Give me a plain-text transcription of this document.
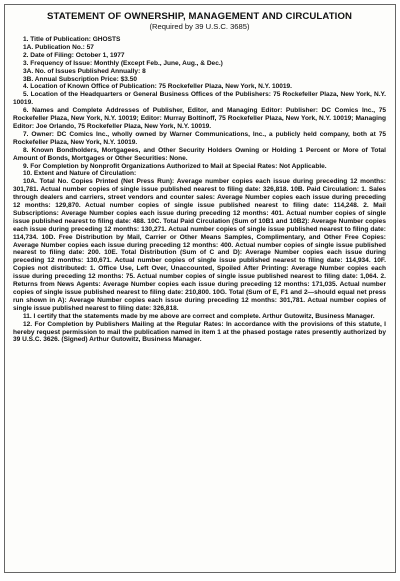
STATEMENT OF OWNERSHIP, MANAGEMENT AND CIRCULATION
(Required by 39 U.S.C. 3685)

1. Title of Publication: GHOSTS

1A. Publication No.: 57

2. Date of Filing: October 1, 1977

3. Frequency of Issue: Monthly (Except Feb., June, Aug., & Dec.)

3A. No. of Issues Published Annually: 8

3B. Annual Subscription Price: $3.50

4. Location of Known Office of Publication: 75 Rockefeller Plaza, New York, N.Y. 10019.

5. Location of the Headquarters or General Business Offices of the Publishers: 75 Rockefeller Plaza, New York, N.Y. 10019.

6. Names and Complete Addresses of Publisher, Editor, and Managing Editor: Publisher: DC Comics Inc., 75 Rockefeller Plaza, New York, N.Y. 10019; Editor: Murray Boltinoff, 75 Rockefeller Plaza, New York, N.Y. 10019; Managing Editor: Joe Orlando, 75 Rockefeller Plaza, New York, N.Y. 10019.

7. Owner: DC Comics Inc., wholly owned by Warner Communications, Inc., a publicly held company, both at 75 Rockefeller Plaza, New York, N.Y. 10019.

8. Known Bondholders, Mortgagees, and Other Security Holders Owning or Holding 1 Percent or More of Total Amount of Bonds, Mortgages or Other Securities: None.

9. For Completion by Nonprofit Organizations Authorized to Mail at Special Rates: Not Applicable.

10. Extent and Nature of Circulation:

10A. Total No. Copies Printed (Net Press Run): Average number copies each issue during preceding 12 months: 301,781. Actual number copies of single issue published nearest to filing date: 326,818. 10B. Paid Circulation: 1. Sales through dealers and carriers, street vendors and counter sales: Average Number copies each issue during preceding 12 months: 129,870. Actual number copies of single issue published nearest to filing date: 114,248. 2. Mail Subscriptions: Average Number copies each issue during preceding 12 months: 401. Actual number copies of single issue published nearest to filing date: 488. 10C. Total Paid Circulation (Sum of 10B1 and 10B2): Average Number copies each issue during preceding 12 months: 130,271. Actual number copies of single issue published nearest to filing date: 114,734. 10D. Free Distribution by Mail, Carrier or Other Means Samples, Complimentary, and Other Free Copies: Average Number copies each issue during preceding 12 months: 400. Actual number copies of single issue published nearest to filing date: 200. 10E. Total Distribution (Sum of C and D): Average Number copies each issue during preceding 12 months: 130,671. Actual number copies of single issue published nearest to filing date: 114,934. 10F. Copies not distributed: 1. Office Use, Left Over, Unaccounted, Spoiled After Printing: Average Number copies each issue during preceding 12 months: 75. Actual number copies of single issue published nearest to filing date: 1,064. 2. Returns from News Agents: Average Number copies each issue during preceding 12 months: 171,035. Actual number copies of single issue published nearest to filing date: 210,800. 10G. Total (Sum of E, F1 and 2—should equal net press run shown in A): Average Number copies each issue during preceding 12 months: 301,781. Actual number copies of single issue published nearest to filing date: 326,818.

11. I certify that the statements made by me above are correct and complete. Arthur Gutowitz, Business Manager.

12. For Completion by Publishers Mailing at the Regular Rates: In accordance with the provisions of this statute, I hereby request permission to mail the publication named in item 1 at the phased postage rates presently authorized by 39 U.S.C. 3626. (Signed) Arthur Gutowitz, Business Manager.
